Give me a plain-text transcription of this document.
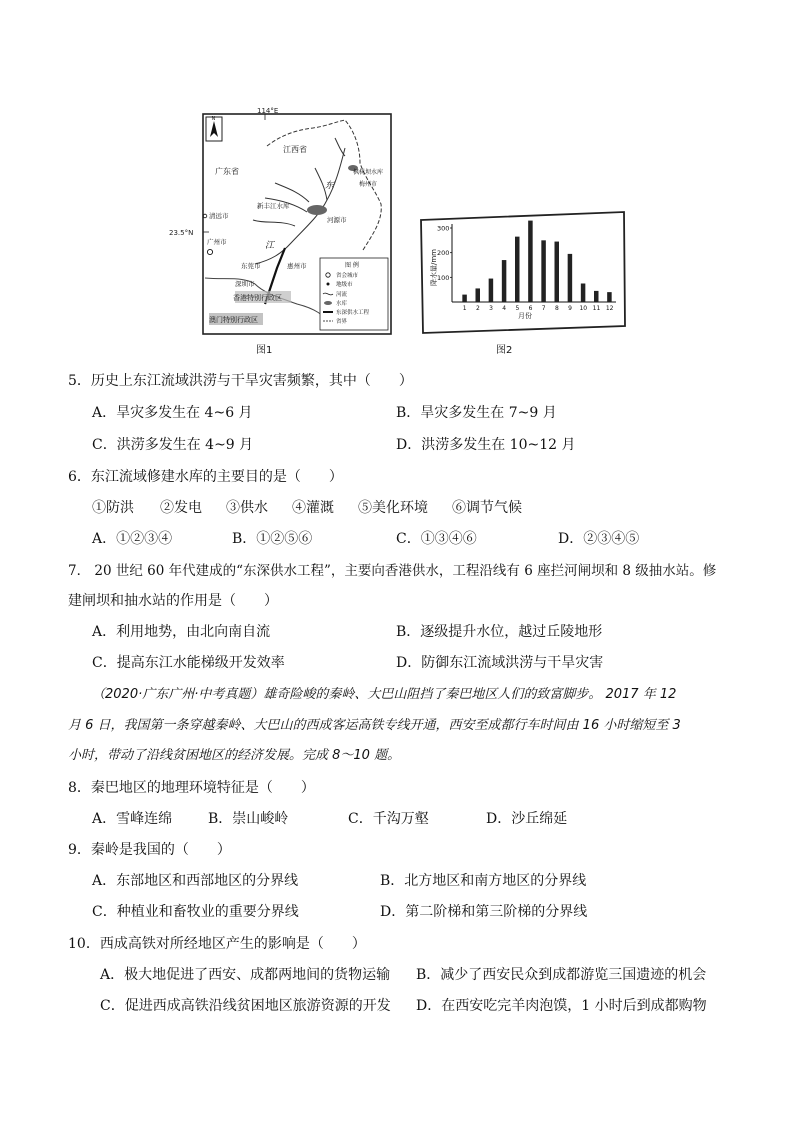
114°E
N
23.5°N
江西省
广东省	枫树坝水库
梅州市
新丰江水库
河源市
清远市
广州市
东莞市	惠州市
深圳市
东
江
香港特别行政区
澳门特别行政区
图 例
省会城市
地级市
河流
水库
东深供水工程
省界
图1
降水量/mm
月份
100
200
300
1 2 3 4 5 6 7 8 9 10 11 12
图2
5．历史上东江流域洪涝与干旱灾害频繁，其中（　　）
A．旱灾多发生在 4~6 月	B．旱灾多发生在 7~9 月
C．洪涝多发生在 4~9 月	D．洪涝多发生在 10~12 月
6．东江流域修建水库的主要目的是（　　）
①防洪 ②发电 ③供水 ④灌溉 ⑤美化环境 ⑥调节气候
A．①②③④	B．①②⑤⑥	C．①③④⑥	D．②③④⑤
7． 20 世纪 60 年代建成的“东深供水工程”，主要向香港供水，工程沿线有 6 座拦河闸坝和 8 级抽水站。修
建闸坝和抽水站的作用是（　　）
A．利用地势，由北向南自流	B．逐级提升水位，越过丘陵地形
C．提高东江水能梯级开发效率	D．防御东江流域洪涝与干旱灾害
（2020·广东广州·中考真题）雄奇险峻的秦岭、大巴山阻挡了秦巴地区人们的致富脚步。 2017 年 12
月 6 日，我国第一条穿越秦岭、大巴山的西成客运高铁专线开通，西安至成都行车时间由 16 小时缩短至 3
小时，带动了沿线贫困地区的经济发展。完成 8～10 题。
8．秦巴地区的地理环境特征是（　　）
A．雪峰连绵	B．崇山峻岭	C．千沟万壑	D．沙丘绵延
9．秦岭是我国的（　　）
A．东部地区和西部地区的分界线	B．北方地区和南方地区的分界线
C．种植业和畜牧业的重要分界线	D．第二阶梯和第三阶梯的分界线
10．西成高铁对所经地区产生的影响是（　　）
A．极大地促进了西安、成都两地间的货物运输 B．减少了西安民众到成都游览三国遗迹的机会
C．促进西成高铁沿线贫困地区旅游资源的开发 D．在西安吃完羊肉泡馍，1 小时后到成都购物
